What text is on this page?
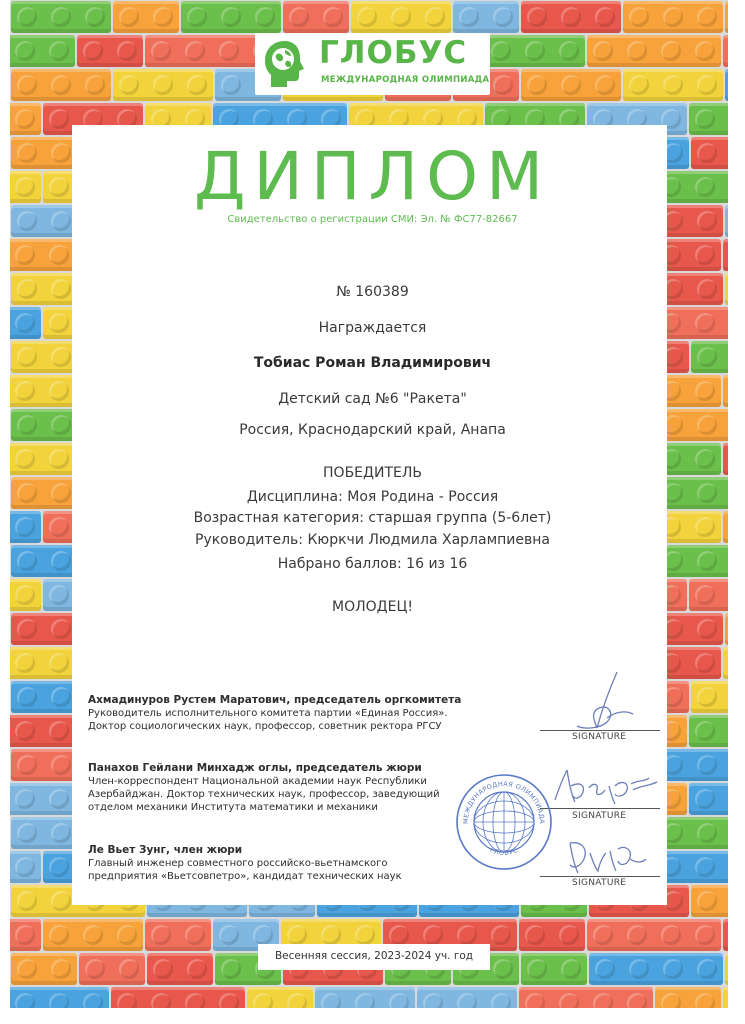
ГЛОБУС
МЕЖДУНАРОДНАЯ ОЛИМПИАДА
ДИПЛОМ
Свидетельство о регистрации СМИ: Эл. № ФС77-82667
№ 160389
Награждается
Тобиас Роман Владимирович
Детский сад №6 "Ракета"
Россия, Краснодарский край, Анапа
ПОБЕДИТЕЛЬ
Дисциплина: Моя Родина - Россия
Возрастная категория: старшая группа (5-6лет)
Руководитель: Кюркчи Людмила Харлампиевна
Набрано баллов: 16 из 16
МОЛОДЕЦ!
Ахмадинуров Рустем Маратович, председатель оргкомитета
Руководитель исполнительного комитета партии «Единая Россия».
Доктор социологических наук, профессор, советник ректора РГСУ
Панахов Гейлани Минхадж оглы, председатель жюри
Член-корреспондент Национальной академии наук Республики
Азербайджан. Доктор технических наук, профессор, заведующий
отделом механики Института математики и механики
Ле Вьет Зунг, член жюри
Главный инженер совместного российско-вьетнамского
предприятия «Вьетсовпетро», кандидат технических наук
SIGNATURE
SIGNATURE
SIGNATURE
МЕЖДУНАРОДНАЯ ОЛИМПИАДА
ГЛОБУС
Весенняя сессия, 2023-2024 уч. год
